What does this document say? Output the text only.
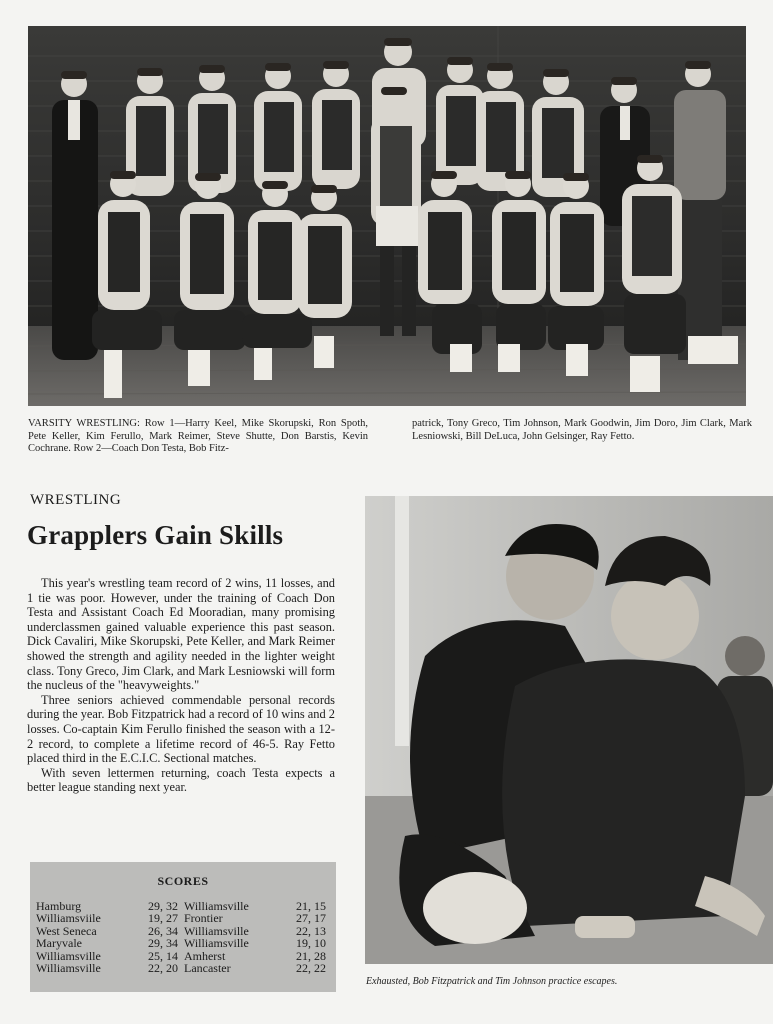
VARSITY WRESTLING: Row 1—Harry Keel, Mike Skorupski, Ron Spoth, Pete Keller, Kim Ferullo, Mark Reimer, Steve Shutte, Don Barstis, Kevin Cochrane. Row 2—Coach Don Testa, Bob Fitz-
patrick, Tony Greco, Tim Johnson, Mark Goodwin, Jim Doro, Jim Clark, Mark Lesniowski, Bill DeLuca, John Gelsinger, Ray Fetto.
WRESTLING
Grapplers Gain Skills

This year's wrestling team record of 2 wins, 11 losses, and 1 tie was poor. However, under the training of Coach Don Testa and Assistant Coach Ed Mooradian, many promising underclassmen gained valuable experience this past season. Dick Cavaliri, Mike Skorupski, Pete Keller, and Mark Reimer showed the strength and agility needed in the lighter weight class. Tony Greco, Jim Clark, and Mark Lesniowski will form the nucleus of the "heavyweights."

Three seniors achieved commendable personal records during the year. Bob Fitzpatrick had a record of 10 wins and 2 losses. Co-captain Kim Ferullo finished the season with a 12-2 record, to complete a lifetime record of 46-5. Ray Fetto placed third in the E.C.I.C. Sectional matches.

With seven lettermen returning, coach Testa expects a better league standing next year.

SCORES
Hamburg	29, 32	Williamsville	21, 15
Williamsviile	19, 27	Frontier	27, 17
West Seneca	26, 34	Williamsville	22, 13
Maryvale	29, 34	Williamsville	19, 10
Williamsville	25, 14	Amherst	21, 28
Williamsville	22, 20	Lancaster	22, 22
Exhausted, Bob Fitzpatrick and Tim Johnson practice escapes.
